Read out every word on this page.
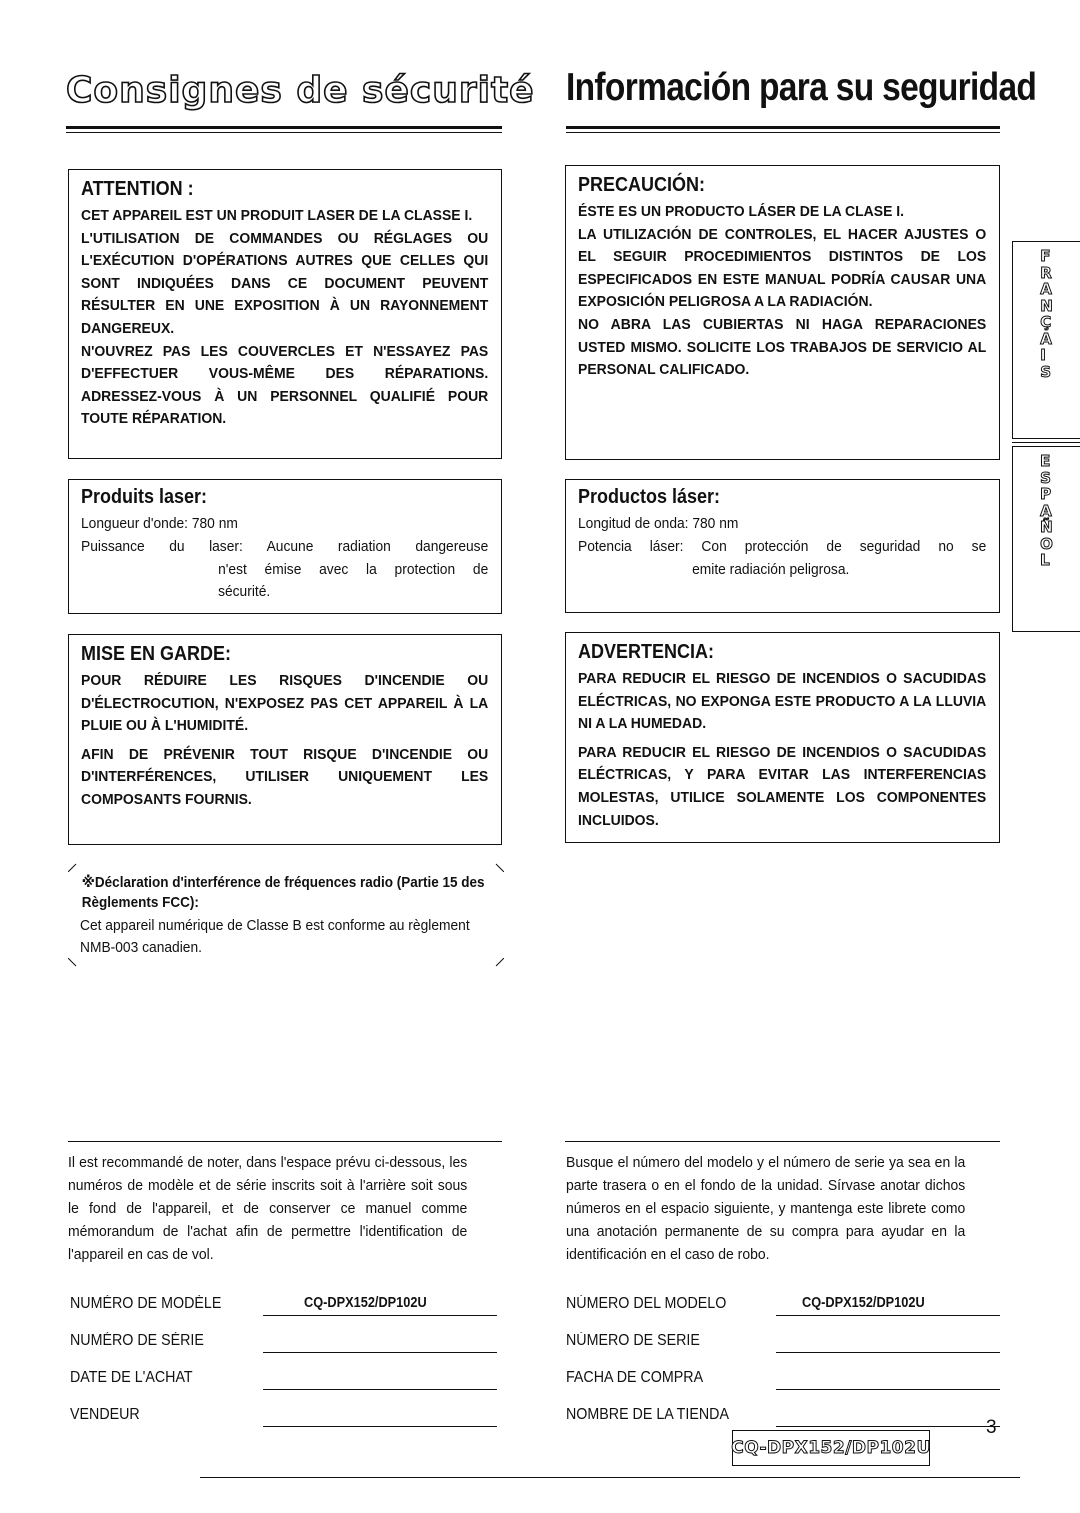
Consignes de sécurité Información para su seguridad
ATTENTION :

CET APPAREIL EST UN PRODUIT LASER DE LA CLASSE I.

L'UTILISATION DE COMMANDES OU RÉGLAGES OU L'EXÉCUTION D'OPÉRATIONS AUTRES QUE CELLES QUI SONT INDIQUÉES DANS CE DOCUMENT PEUVENT RÉSULTER EN UNE EXPOSITION À UN RAYONNEMENT DANGEREUX.

N'OUVREZ PAS LES COUVERCLES ET N'ESSAYEZ PAS D'EFFECTUER VOUS-MÊME DES RÉPARATIONS. ADRESSEZ-VOUS À UN PERSONNEL QUALIFIÉ POUR TOUTE RÉPARATION.

PRECAUCIÓN:

ÉSTE ES UN PRODUCTO LÁSER DE LA CLASE I.

LA UTILIZACIÓN DE CONTROLES, EL HACER AJUSTES O EL SEGUIR PROCEDIMIENTOS DISTINTOS DE LOS ESPECIFICADOS EN ESTE MANUAL PODRÍA CAUSAR UNA EXPOSICIÓN PELIGROSA A LA RADIACIÓN.

NO ABRA LAS CUBIERTAS NI HAGA REPARACIONES USTED MISMO. SOLICITE LOS TRABAJOS DE SERVICIO AL PERSONAL CALIFICADO.

Produits laser:
Longueur d'onde: 780 nm
Puissance du laser: Aucune radiation dangereuse
n'est émise avec la protection de
sécurité.
Productos láser:
Longitud de onda: 780 nm
Potencia láser: Con protección de seguridad no se
emite radiación peligrosa.
MISE EN GARDE:

POUR RÉDUIRE LES RISQUES D'INCENDIE OU D'ÉLECTROCUTION, N'EXPOSEZ PAS CET APPAREIL À LA PLUIE OU À L'HUMIDITÉ.

AFIN DE PRÉVENIR TOUT RISQUE D'INCENDIE OU D'INTERFÉRENCES, UTILISER UNIQUEMENT LES COMPOSANTS FOURNIS.

ADVERTENCIA:

PARA REDUCIR EL RIESGO DE INCENDIOS O SACUDIDAS ELÉCTRICAS, NO EXPONGA ESTE PRODUCTO A LA LLUVIA NI A LA HUMEDAD.

PARA REDUCIR EL RIESGO DE INCENDIOS O SACUDIDAS ELÉCTRICAS, Y PARA EVITAR LAS INTERFERENCIAS MOLESTAS, UTILICE SOLAMENTE LOS COMPONENTES INCLUIDOS.

※Déclaration d'interférence de fréquences radio (Partie 15 des Règlements FCC):
Cet appareil numérique de Classe B est conforme au règlement NMB-003 canadien.
Il est recommandé de noter, dans l'espace prévu ci-dessous, les numéros de modèle et de série inscrits soit à l'arrière soit sous le fond de l'appareil, et de conserver ce manuel comme mémorandum de l'achat afin de permettre l'identification de l'appareil en cas de vol.
NUMÉRO DE MODÈLE	CQ-DPX152/DP102U
NUMÉRO DE SÉRIE
DATE DE L'ACHAT
VENDEUR
Busque el número del modelo y el número de serie ya sea en la parte trasera o en el fondo de la unidad. Sírvase anotar dichos números en el espacio siguiente, y mantenga este librete como una anotación permanente de su compra para ayudar en la identificación en el caso de robo.
NÚMERO DEL MODELO	CQ-DPX152/DP102U
NÚMERO DE SERIE
FACHA DE COMPRA
NOMBRE DE LA TIENDA
F
R
A
N
Ç
A
I
S
E
S
P
A
Ñ
O
L
CQ-DPX152/DP102U
3
